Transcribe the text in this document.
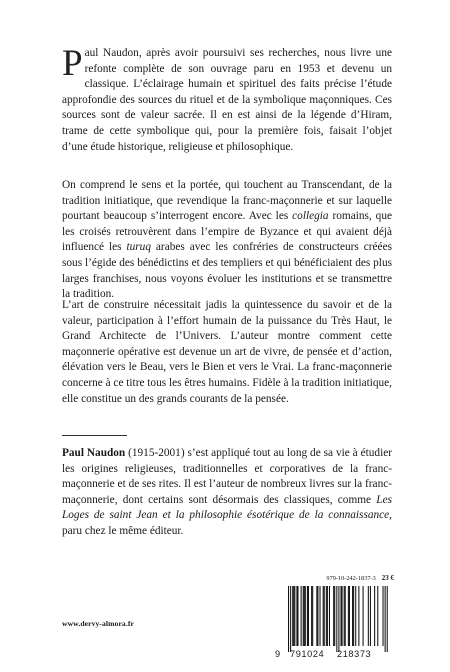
Paul Naudon, après avoir poursuivi ses recherches, nous livre une refonte complète de son ouvrage paru en 1953 et devenu un classique. L’éclairage humain et spirituel des faits précise l’étude approfondie des sources du rituel et de la symbolique maçonniques. Ces sources sont de valeur sacrée. Il en est ainsi de la légende d’Hiram, trame de cette symbolique qui, pour la première fois, faisait l’objet d’une étude historique, religieuse et philosophique.

On comprend le sens et la portée, qui touchent au Transcendant, de la tradition initiatique, que revendique la franc-maçonnerie et sur laquelle pourtant beaucoup s’interrogent encore. Avec les collegia romains, que les croisés retrouvèrent dans l’empire de Byzance et qui avaient déjà influencé les turuq arabes avec les confréries de constructeurs créées sous l’égide des bénédictins et des templiers et qui bénéficiaient des plus larges franchises, nous voyons évoluer les institutions et se transmettre la tradition.

L’art de construire nécessitait jadis la quintessence du savoir et de la valeur, participation à l’effort humain de la puissance du Très Haut, le Grand Architecte de l’Univers. L’auteur montre comment cette maçonnerie opérative est devenue un art de vivre, de pensée et d’action, élévation vers le Beau, vers le Bien et vers le Vrai. La franc-maçonnerie concerne à ce titre tous les êtres humains. Fidèle à la tradition initiatique, elle constitue un des grands courants de la pensée.

Paul Naudon (1915-2001) s’est appliqué tout au long de sa vie à étudier les origines religieuses, traditionnelles et corporatives de la franc-maçonnerie et de ses rites. Il est l’auteur de nombreux livres sur la franc-maçonnerie, dont certains sont désormais des classiques, comme Les Loges de saint Jean et la philosophie ésotérique de la connaissance, paru chez le même éditeur.

979-10-242-1837-3 23 €
9 791024 218373
www.dervy-almora.fr
